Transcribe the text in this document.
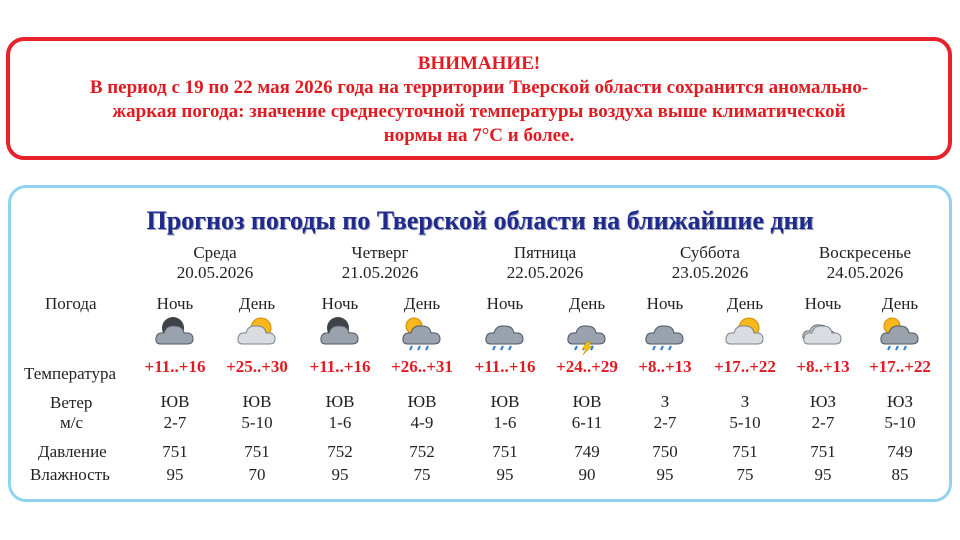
ВНИМАНИЕ!
В период с 19 по 22 мая 2026 года на территории Тверской области сохранится аномально-
жаркая погода: значение среднесуточной температуры воздуха выше климатической
нормы на 7°С и более.
Прогноз погоды по Тверской области на ближайшие дни
Погода
Температура
Ветер
м/с
Давление
Влажность
Среда
20.05.2026
Четверг
21.05.2026
Пятница
22.05.2026
Суббота
23.05.2026
Воскресенье
24.05.2026
Ночь
+11..+16
ЮВ
2-7
751
95
День
+25..+30
ЮВ
5-10
751
70
Ночь
+11..+16
ЮВ
1-6
752
95
День
+26..+31
ЮВ
4-9
752
75
Ночь
+11..+16
ЮВ
1-6
751
95
День
+24..+29
ЮВ
6-11
749
90
Ночь
+8..+13
З
2-7
750
95
День
+17..+22
З
5-10
751
75
Ночь
+8..+13
ЮЗ
2-7
751
95
День
+17..+22
ЮЗ
5-10
749
85
